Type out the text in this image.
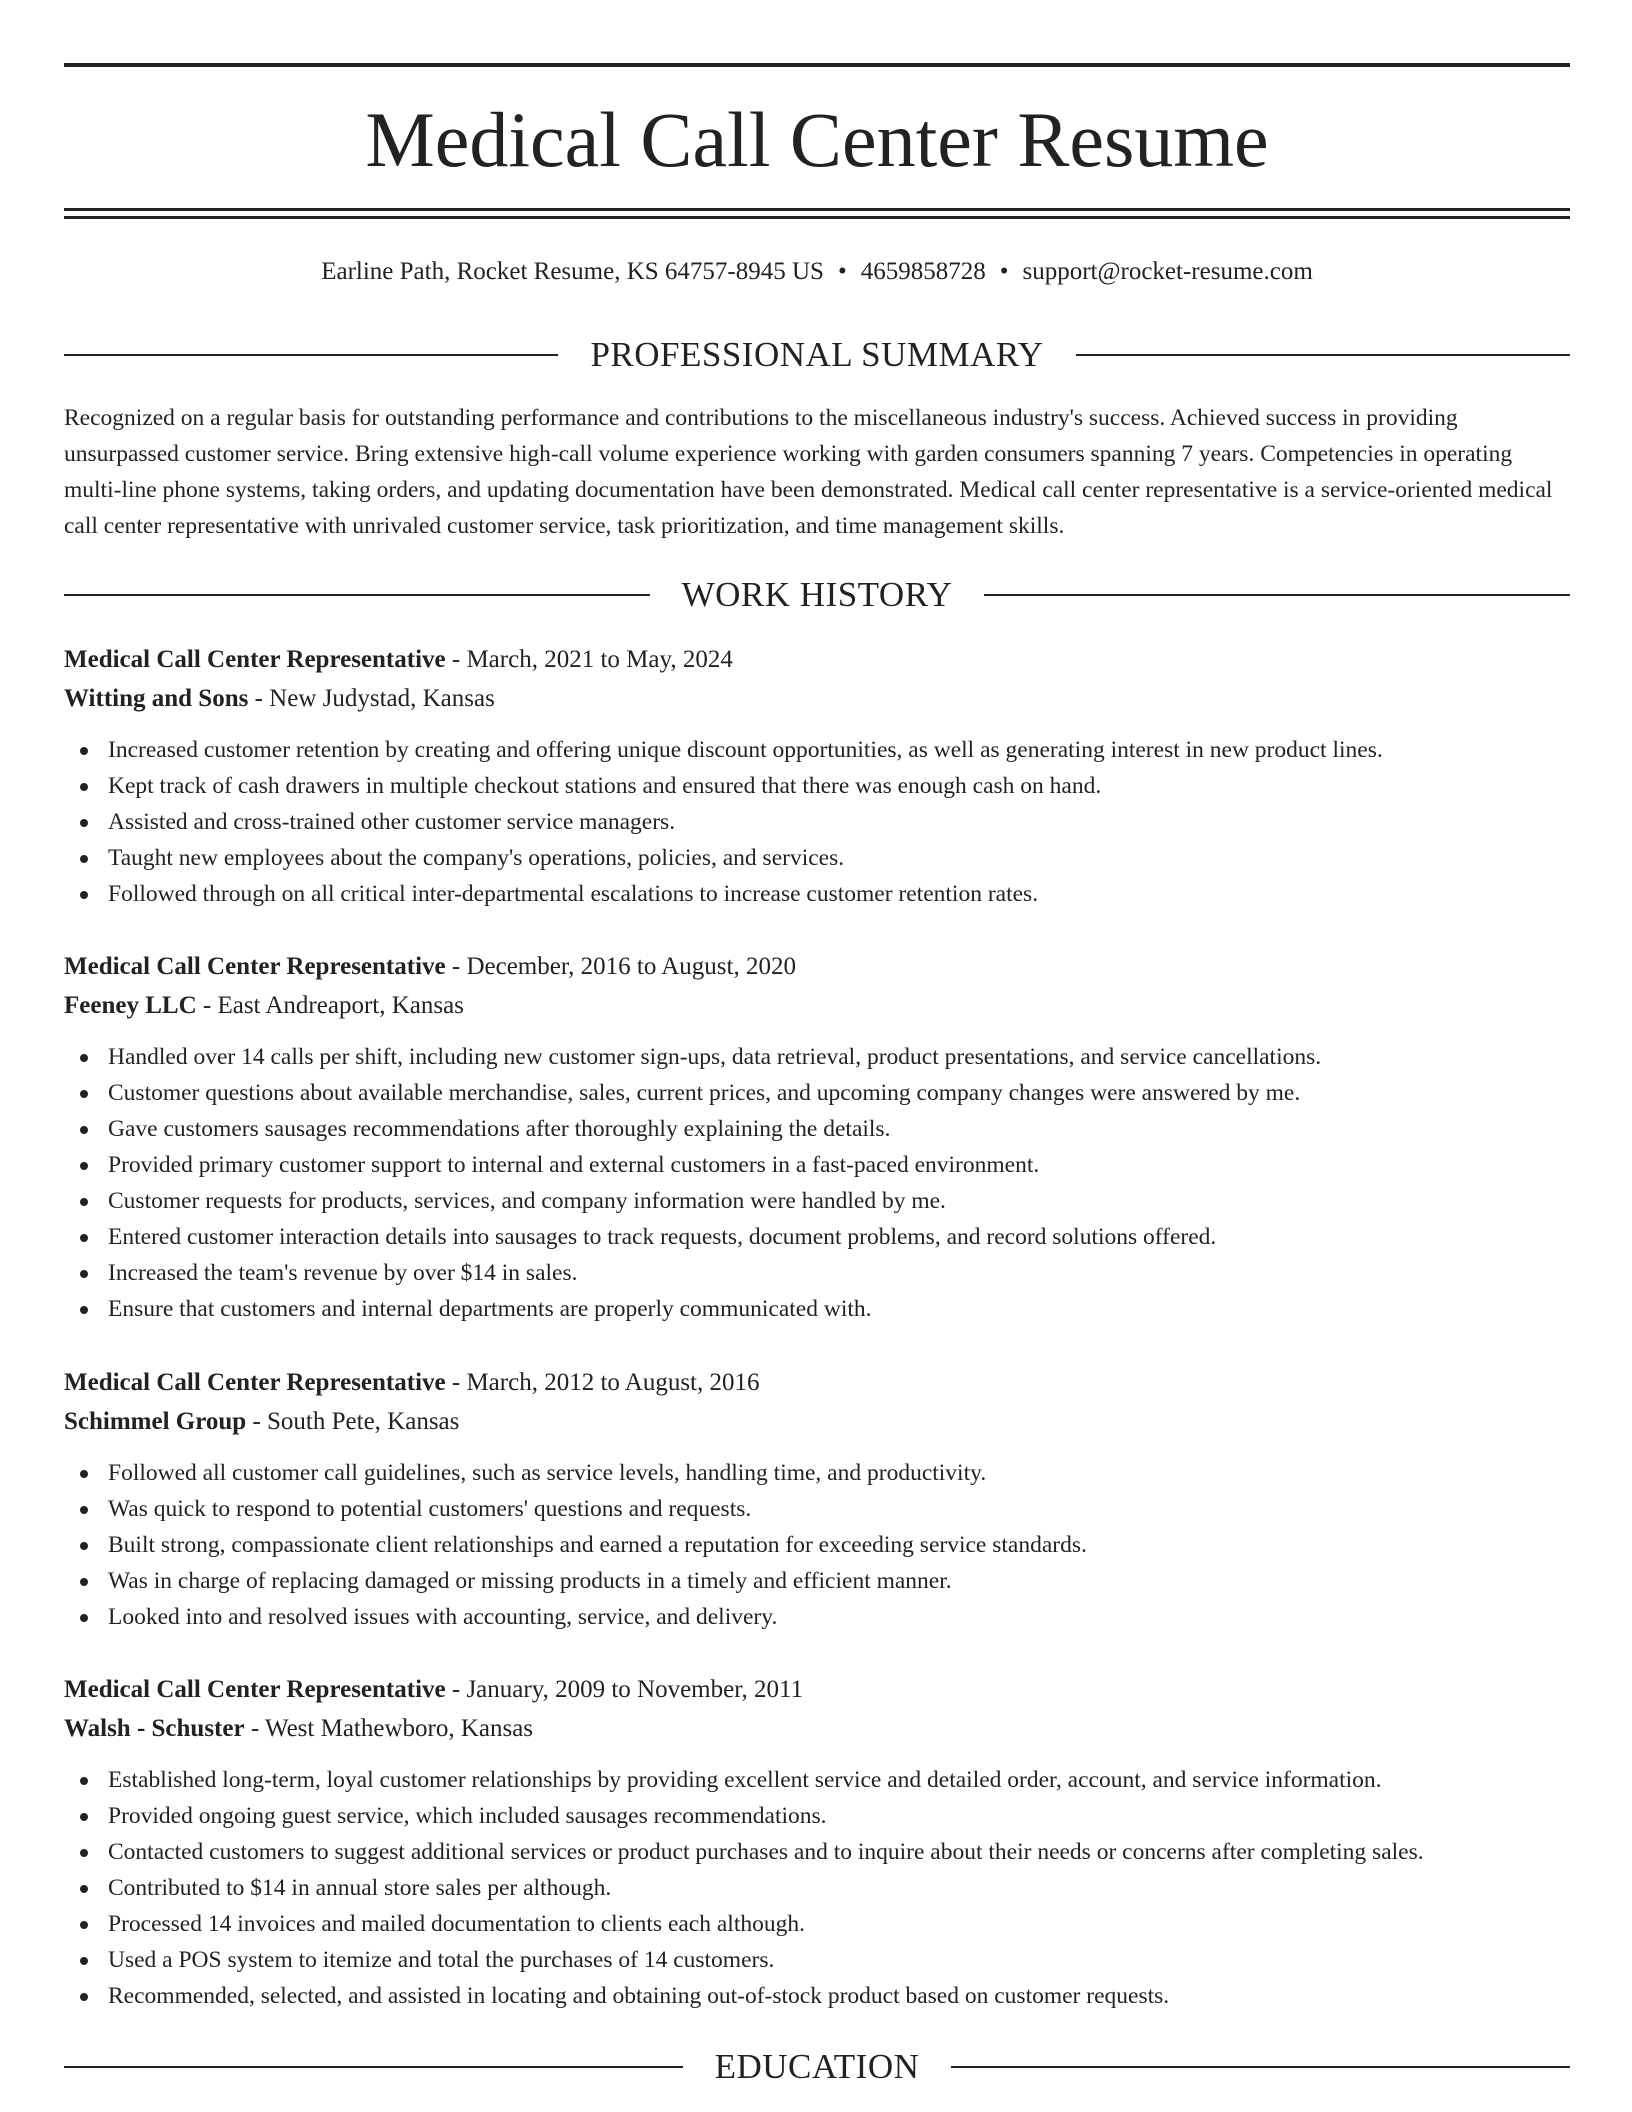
Medical Call Center Resume
Earline Path, Rocket Resume, KS 64757-8945 US • 4659858728 • support@rocket-resume.com
PROFESSIONAL SUMMARY

Recognized on a regular basis for outstanding performance and contributions to the miscellaneous industry's success. Achieved success in providing unsurpassed customer service. Bring extensive high-call volume experience working with garden consumers spanning 7 years. Competencies in operating multi-line phone systems, taking orders, and updating documentation have been demonstrated. Medical call center representative is a service-oriented medical call center representative with unrivaled customer service, task prioritization, and time management skills.

WORK HISTORY
Medical Call Center Representative - March, 2021 to May, 2024
Witting and Sons - New Judystad, Kansas
Increased customer retention by creating and offering unique discount opportunities, as well as generating interest in new product lines.
Kept track of cash drawers in multiple checkout stations and ensured that there was enough cash on hand.
Assisted and cross-trained other customer service managers.
Taught new employees about the company's operations, policies, and services.
Followed through on all critical inter-departmental escalations to increase customer retention rates.
Medical Call Center Representative - December, 2016 to August, 2020
Feeney LLC - East Andreaport, Kansas
Handled over 14 calls per shift, including new customer sign-ups, data retrieval, product presentations, and service cancellations.
Customer questions about available merchandise, sales, current prices, and upcoming company changes were answered by me.
Gave customers sausages recommendations after thoroughly explaining the details.
Provided primary customer support to internal and external customers in a fast-paced environment.
Customer requests for products, services, and company information were handled by me.
Entered customer interaction details into sausages to track requests, document problems, and record solutions offered.
Increased the team's revenue by over $14 in sales.
Ensure that customers and internal departments are properly communicated with.
Medical Call Center Representative - March, 2012 to August, 2016
Schimmel Group - South Pete, Kansas
Followed all customer call guidelines, such as service levels, handling time, and productivity.
Was quick to respond to potential customers' questions and requests.
Built strong, compassionate client relationships and earned a reputation for exceeding service standards.
Was in charge of replacing damaged or missing products in a timely and efficient manner.
Looked into and resolved issues with accounting, service, and delivery.
Medical Call Center Representative - January, 2009 to November, 2011
Walsh - Schuster - West Mathewboro, Kansas
Established long-term, loyal customer relationships by providing excellent service and detailed order, account, and service information.
Provided ongoing guest service, which included sausages recommendations.
Contacted customers to suggest additional services or product purchases and to inquire about their needs or concerns after completing sales.
Contributed to $14 in annual store sales per although.
Processed 14 invoices and mailed documentation to clients each although.
Used a POS system to itemize and total the purchases of 14 customers.
Recommended, selected, and assisted in locating and obtaining out-of-stock product based on customer requests.
EDUCATION
